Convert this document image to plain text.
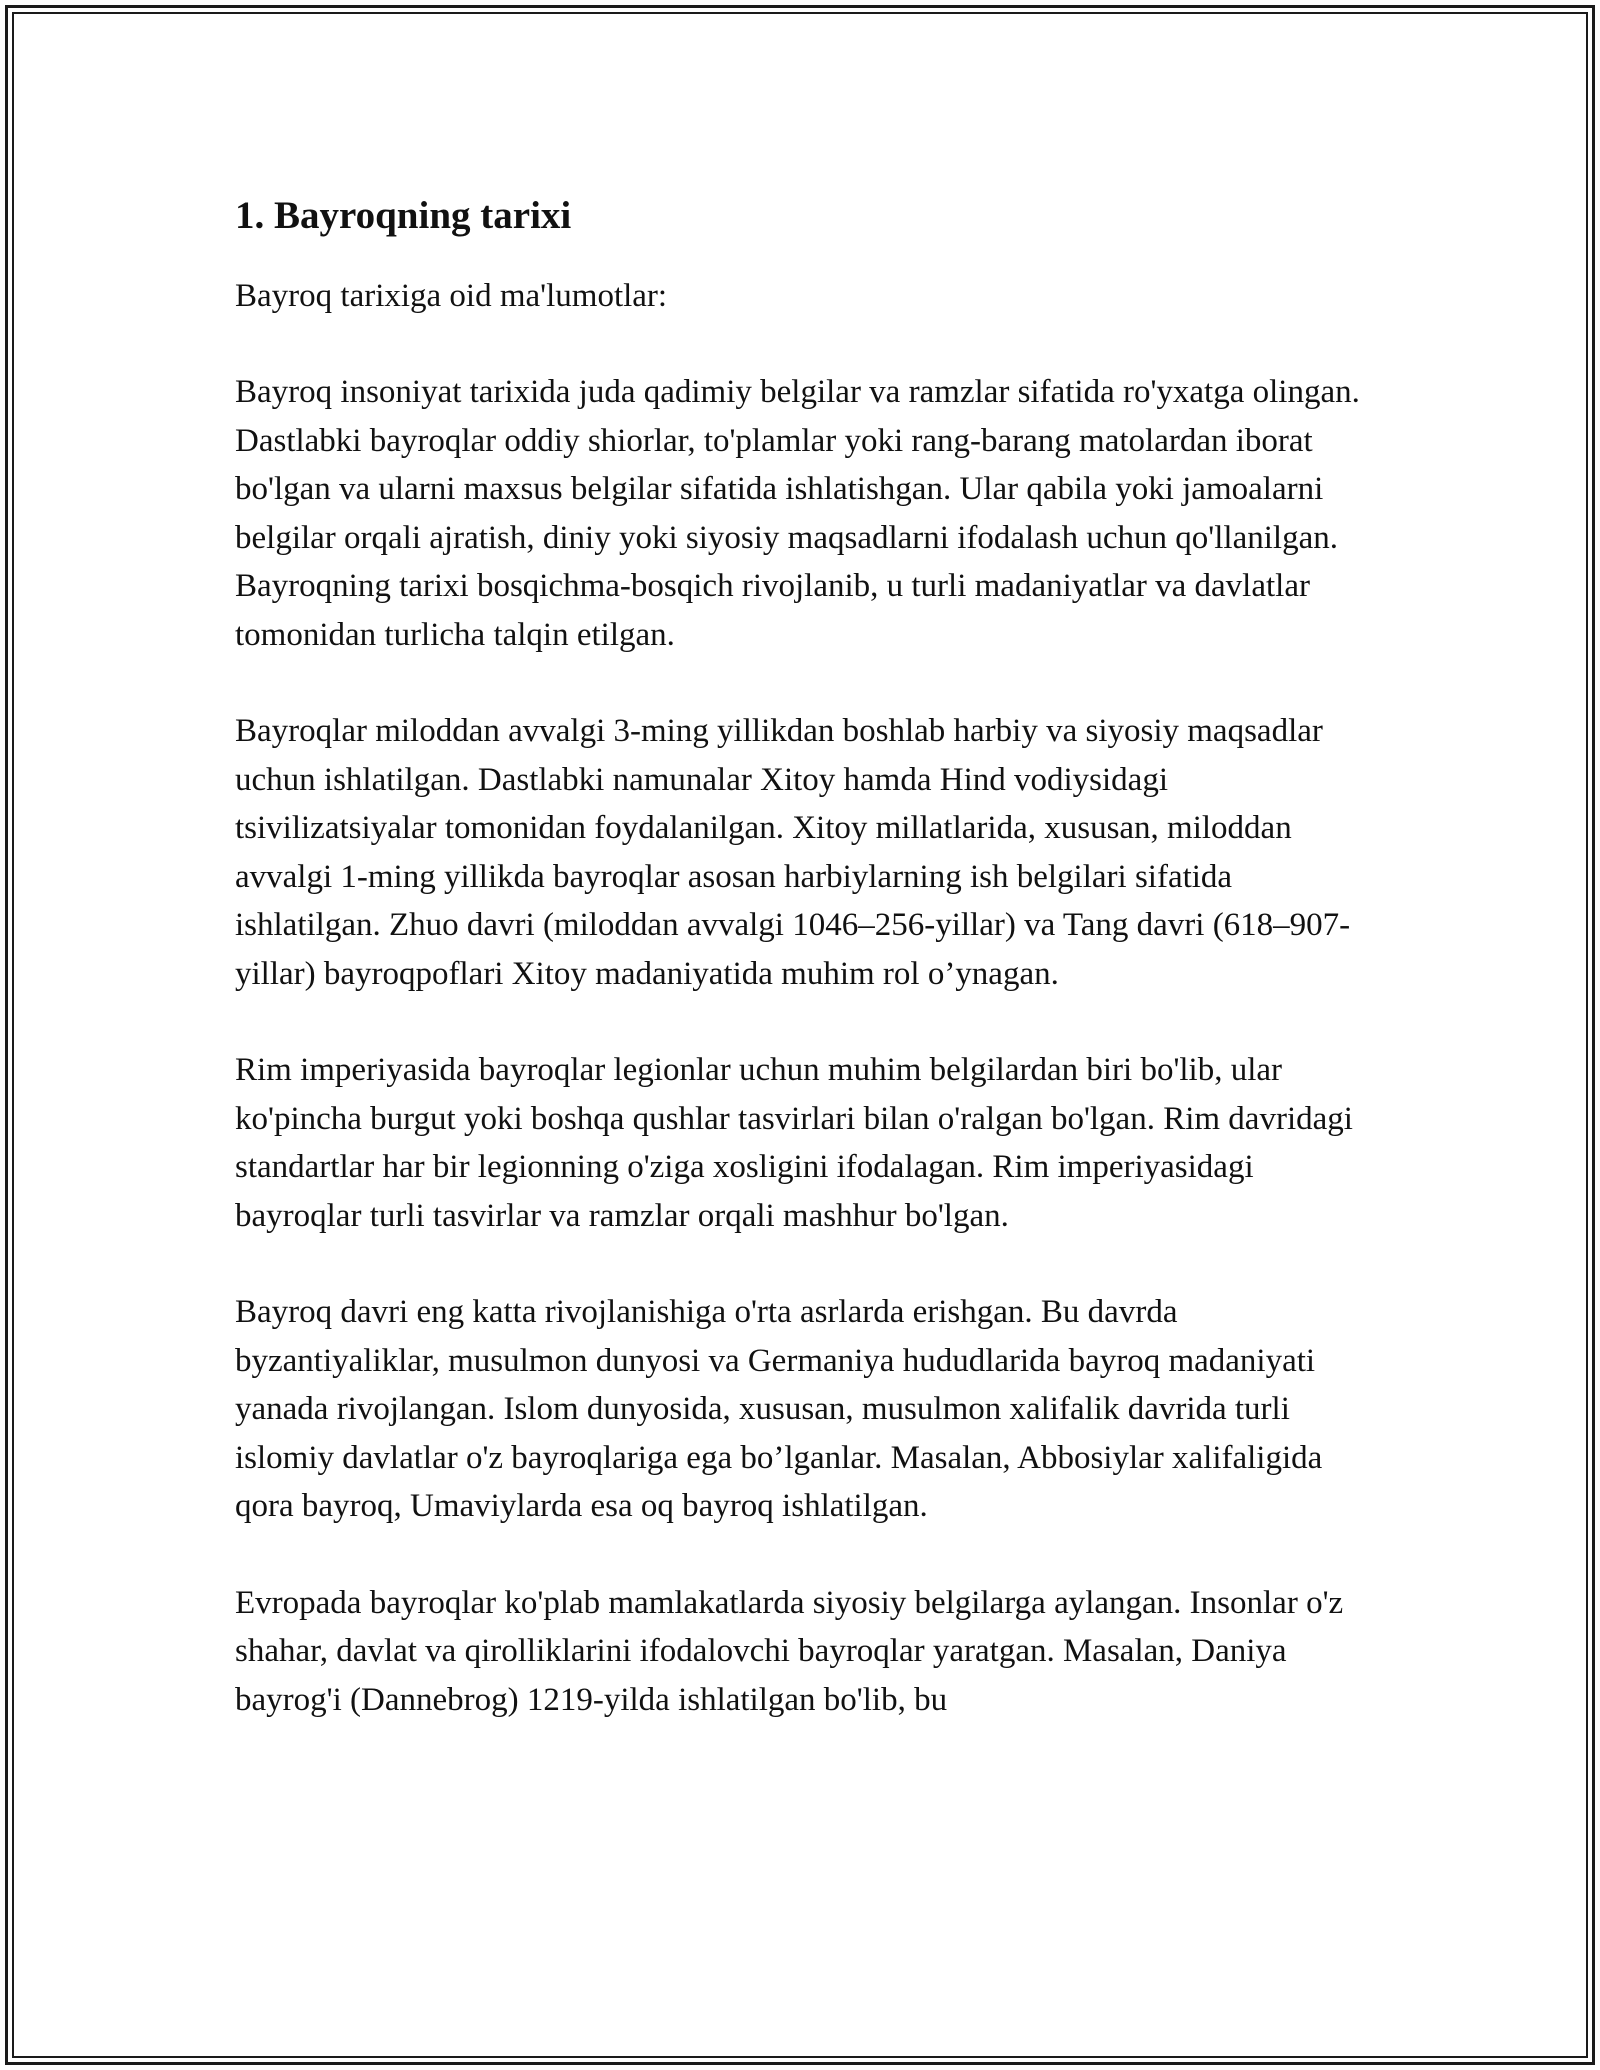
1. Bayroqning tarixi

Bayroq tarixiga oid ma'lumotlar:

Bayroq insoniyat tarixida juda qadimiy belgilar va ramzlar sifatida ro'yxatga olingan. Dastlabki bayroqlar oddiy shiorlar, to'plamlar yoki rang-barang matolardan iborat bo'lgan va ularni maxsus belgilar sifatida ishlatishgan. Ular qabila yoki jamoalarni belgilar orqali ajratish, diniy yoki siyosiy maqsadlarni ifodalash uchun qo'llanilgan. Bayroqning tarixi bosqichma-bosqich rivojlanib, u turli madaniyatlar va davlatlar tomonidan turlicha talqin etilgan.

Bayroqlar miloddan avvalgi 3-ming yillikdan boshlab harbiy va siyosiy maqsadlar uchun ishlatilgan. Dastlabki namunalar Xitoy hamda Hind vodiysidagi tsivilizatsiyalar tomonidan foydalanilgan. Xitoy millatlarida, xususan, miloddan avvalgi 1-ming yillikda bayroqlar asosan harbiylarning ish belgilari sifatida ishlatilgan. Zhuo davri (miloddan avvalgi 1046–256-yillar) va Tang davri (618–907-yillar) bayroqpoflari Xitoy madaniyatida muhim rol o’ynagan.

Rim imperiyasida bayroqlar legionlar uchun muhim belgilardan biri bo'lib, ular ko'pincha burgut yoki boshqa qushlar tasvirlari bilan o'ralgan bo'lgan. Rim davridagi standartlar har bir legionning o'ziga xosligini ifodalagan. Rim imperiyasidagi bayroqlar turli tasvirlar va ramzlar orqali mashhur bo'lgan.

Bayroq davri eng katta rivojlanishiga o'rta asrlarda erishgan. Bu davrda byzantiyaliklar, musulmon dunyosi va Germaniya hududlarida bayroq madaniyati yanada rivojlangan. Islom dunyosida, xususan, musulmon xalifalik davrida turli islomiy davlatlar o'z bayroqlariga ega bo’lganlar. Masalan, Abbosiylar xalifaligida qora bayroq, Umaviylarda esa oq bayroq ishlatilgan.

Evropada bayroqlar ko'plab mamlakatlarda siyosiy belgilarga aylangan. Insonlar o'z shahar, davlat va qirolliklarini ifodalovchi bayroqlar yaratgan. Masalan, Daniya bayrog'i (Dannebrog) 1219-yilda ishlatilgan bo'lib, bu
